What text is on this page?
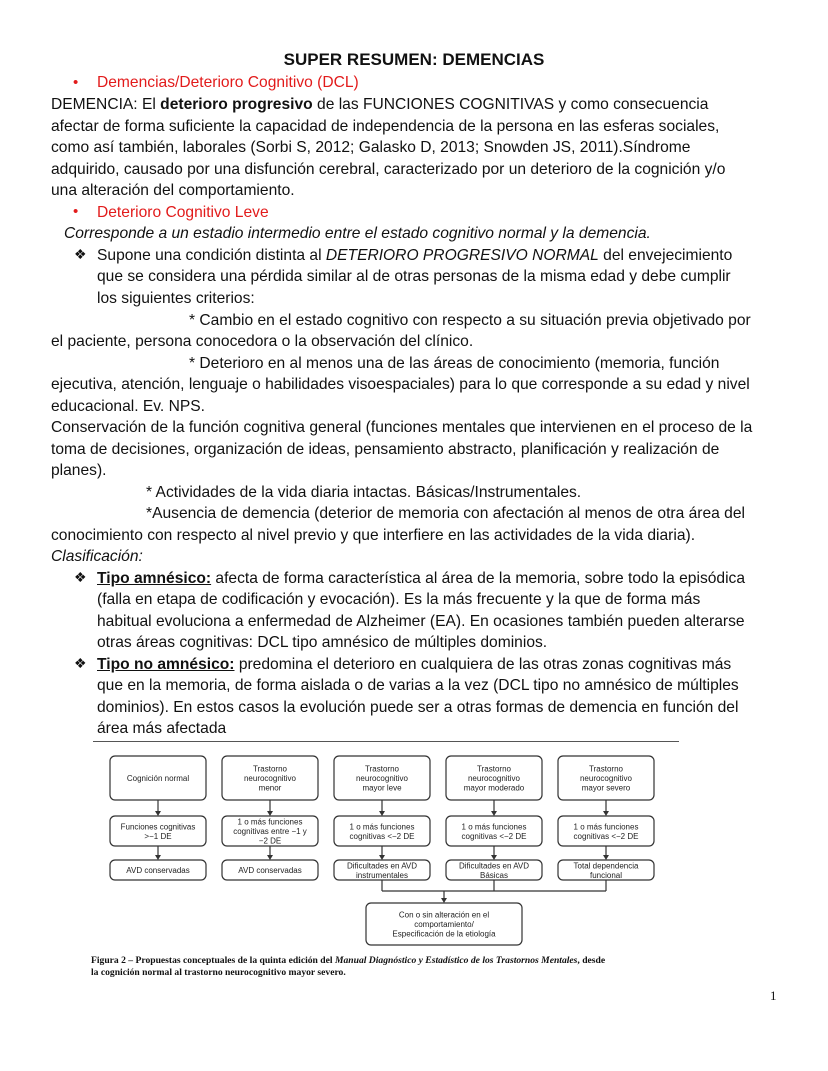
SUPER RESUMEN: DEMENCIAS
• Demencias/Deterioro Cognitivo (DCL)
DEMENCIA: El deterioro progresivo de las FUNCIONES COGNITIVAS y como consecuencia
afectar de forma suficiente la capacidad de independencia de la persona en las esferas sociales,
como así también, laborales (Sorbi S, 2012; Galasko D, 2013; Snowden JS, 2011).Síndrome
adquirido, causado por una disfunción cerebral, caracterizado por un deterioro de la cognición y/o
una alteración del comportamiento.
• Deterioro Cognitivo Leve
Corresponde a un estadio intermedio entre el estado cognitivo normal y la demencia.
❖ Supone una condición distinta al DETERIORO PROGRESIVO NORMAL del envejecimiento
que se considera una pérdida similar al de otras personas de la misma edad y debe cumplir
los siguientes criterios:
* Cambio en el estado cognitivo con respecto a su situación previa objetivado por
el paciente, persona conocedora o la observación del clínico.
* Deterioro en al menos una de las áreas de conocimiento (memoria, función
ejecutiva, atención, lenguaje o habilidades visoespaciales) para lo que corresponde a su edad y nivel
educacional. Ev. NPS.
Conservación de la función cognitiva general (funciones mentales que intervienen en el proceso de la
toma de decisiones, organización de ideas, pensamiento abstracto, planificación y realización de
planes).
* Actividades de la vida diaria intactas. Básicas/Instrumentales.
*Ausencia de demencia (deterior de memoria con afectación al menos de otra área del
conocimiento con respecto al nivel previo y que interfiere en las actividades de la vida diaria).
Clasificación:
❖ Tipo amnésico: afecta de forma característica al área de la memoria, sobre todo la episódica
(falla en etapa de codificación y evocación). Es la más frecuente y la que de forma más
habitual evoluciona a enfermedad de Alzheimer (EA). En ocasiones también pueden alterarse
otras áreas cognitivas: DCL tipo amnésico de múltiples dominios.
❖ Tipo no amnésico: predomina el deterioro en cualquiera de las otras zonas cognitivas más
que en la memoria, de forma aislada o de varias a la vez (DCL tipo no amnésico de múltiples
dominios). En estos casos la evolución puede ser a otras formas de demencia en función del
área más afectada
Cognición normal
Trastorno
neurocognitivo
menor
Trastorno
neurocognitivo
mayor leve
Trastorno
neurocognitivo
mayor moderado
Trastorno
neurocognitivo
mayor severo
Funciones cognitivas
>−1 DE
1 o más funciones
cognitivas entre −1 y
−2 DE
1 o más funciones
cognitivas <−2 DE
1 o más funciones
cognitivas <−2 DE
1 o más funciones
cognitivas <−2 DE
AVD conservadas	AVD conservadas
Dificultades en AVD
instrumentales
Dificultades en AVD
Básicas
Total dependencia
funcional
Con o sin alteración en el
comportamiento/
Especificación de la etiología
Figura 2 – Propuestas conceptuales de la quinta edición del Manual Diagnóstico y Estadístico de los Trastornos Mentales, desde
la cognición normal al trastorno neurocognitivo mayor severo.
1
